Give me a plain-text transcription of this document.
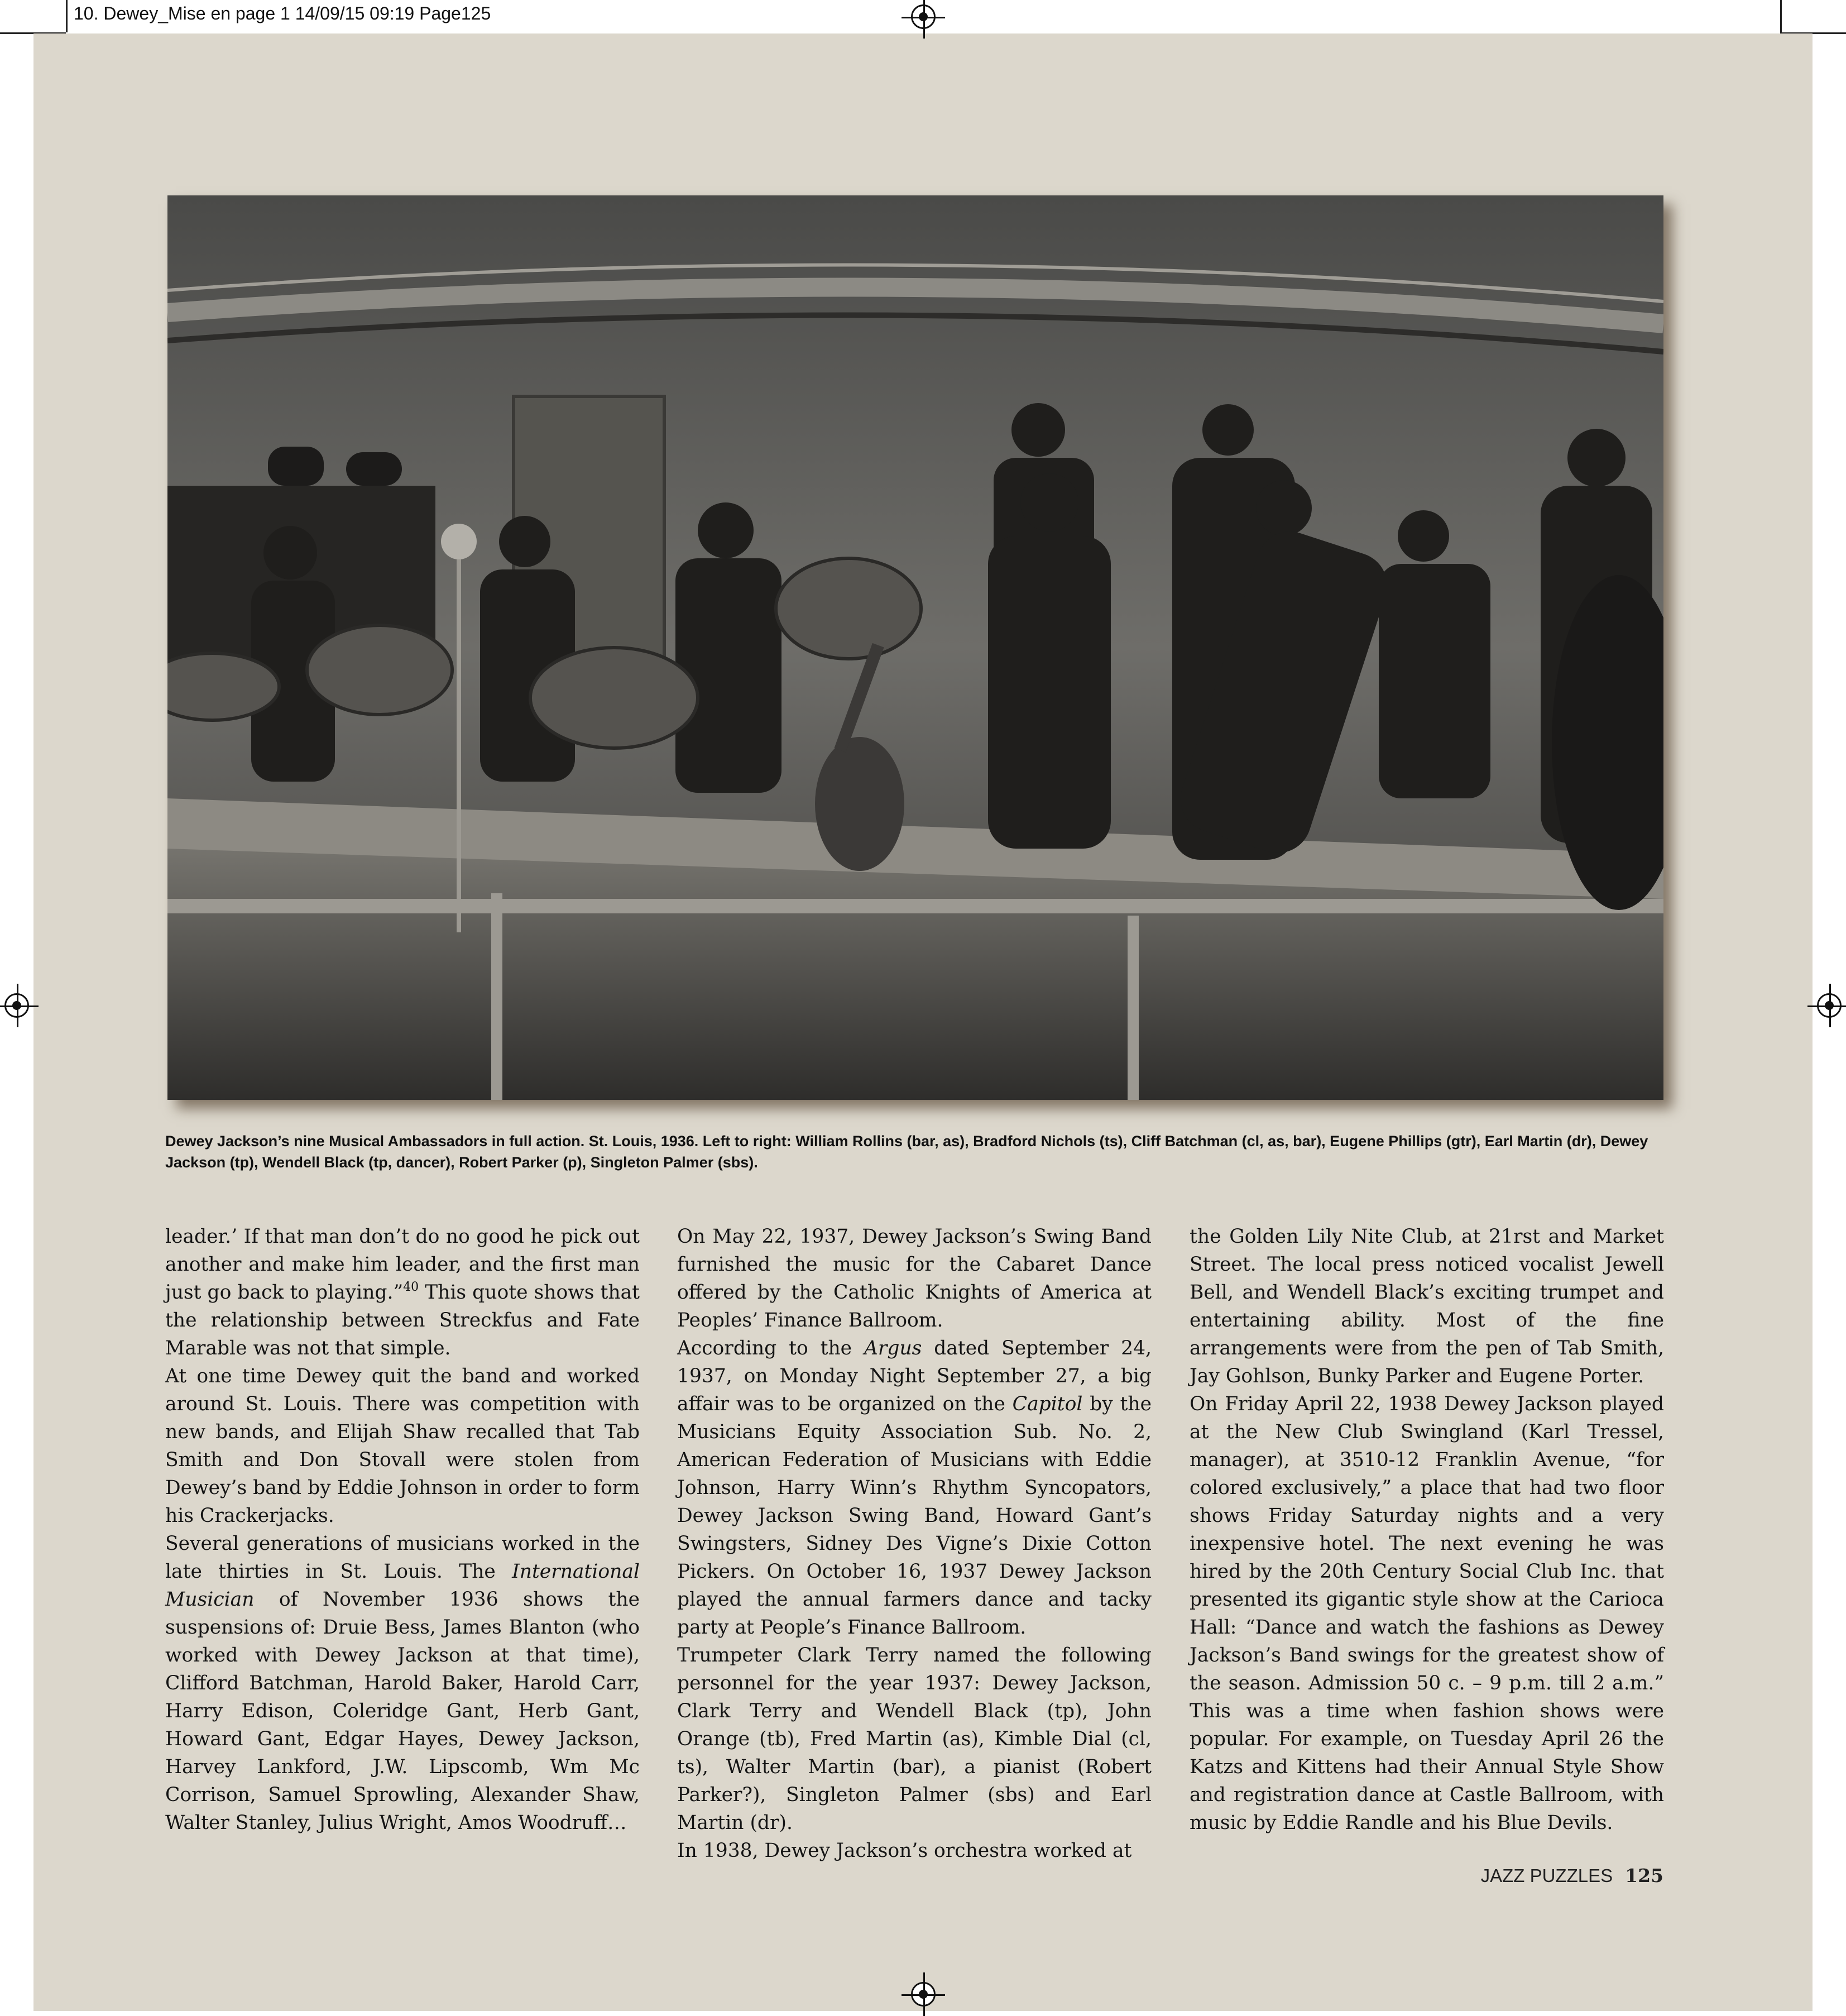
10. Dewey_Mise en page 1 14/09/15 09:19 Page125
Dewey Jackson’s nine Musical Ambassadors in full action. St. Louis, 1936. Left to right: William Rollins (bar, as), Bradford Nichols (ts), Cliff Batchman (cl, as, bar), Eugene Phillips (gtr), Earl Martin (dr), Dewey Jackson (tp), Wendell Black (tp, dancer), Robert Parker (p), Singleton Palmer (sbs).

leader.’ If that man don’t do no good he pick out another and make him leader, and the first man just go back to playing.”$^{40}$ This quote shows that the relationship between Streckfus and Fate Marable was not that simple.

At one time Dewey quit the band and worked around St. Louis. There was competition with new bands, and Elijah Shaw recalled that Tab Smith and Don Stovall were stolen from Dewey’s band by Eddie Johnson in order to form his Crackerjacks.

Several generations of musicians worked in the late thirties in St. Louis. The International Musician of November 1936 shows the suspensions of: Druie Bess, James Blanton (who worked with Dewey Jackson at that time), Clifford Batchman, Harold Baker, Harold Carr, Harry Edison, Coleridge Gant, Herb Gant, Howard Gant, Edgar Hayes, Dewey Jackson, Harvey Lankford, J.W. Lipscomb, Wm Mc Corrison, Samuel Sprowling, Alexander Shaw, Walter Stanley, Julius Wright, Amos Woodruff…

On May 22, 1937, Dewey Jackson’s Swing Band furnished the music for the Cabaret Dance offered by the Catholic Knights of America at Peoples’ Finance Ballroom.

According to the Argus dated September 24, 1937, on Monday Night September 27, a big affair was to be organized on the Capitol by the Musicians Equity Association Sub. No. 2, American Federation of Musicians with Eddie Johnson, Harry Winn’s Rhythm Syncopators, Dewey Jackson Swing Band, Howard Gant’s Swingsters, Sidney Des Vigne’s Dixie Cotton Pickers. On October 16, 1937 Dewey Jackson played the annual farmers dance and tacky party at People’s Finance Ballroom.

Trumpeter Clark Terry named the following personnel for the year 1937: Dewey Jackson, Clark Terry and Wendell Black (tp), John Orange (tb), Fred Martin (as), Kimble Dial (cl, ts), Walter Martin (bar), a pianist (Robert Parker?), Singleton Palmer (sbs) and Earl Martin (dr).

In 1938, Dewey Jackson’s orchestra worked at

the Golden Lily Nite Club, at 21rst and Market Street. The local press noticed vocalist Jewell Bell, and Wendell Black’s exciting trumpet and entertaining ability. Most of the fine arrangements were from the pen of Tab Smith, Jay Gohlson, Bunky Parker and Eugene Porter.

On Friday April 22, 1938 Dewey Jackson played at the New Club Swingland (Karl Tressel, manager), at 3510-12 Franklin Avenue, “for colored exclusively,” a place that had two floor shows Friday Saturday nights and a very inexpensive hotel. The next evening he was hired by the 20th Century Social Club Inc. that presented its gigantic style show at the Carioca Hall: “Dance and watch the fashions as Dewey Jackson’s Band swings for the greatest show of the season. Admission 50 c. – 9 p.m. till 2 a.m.” This was a time when fashion shows were popular. For example, on Tuesday April 26 the Katzs and Kittens had their Annual Style Show and registration dance at Castle Ballroom, with music by Eddie Randle and his Blue Devils.

JAZZ PUZZLES 125
